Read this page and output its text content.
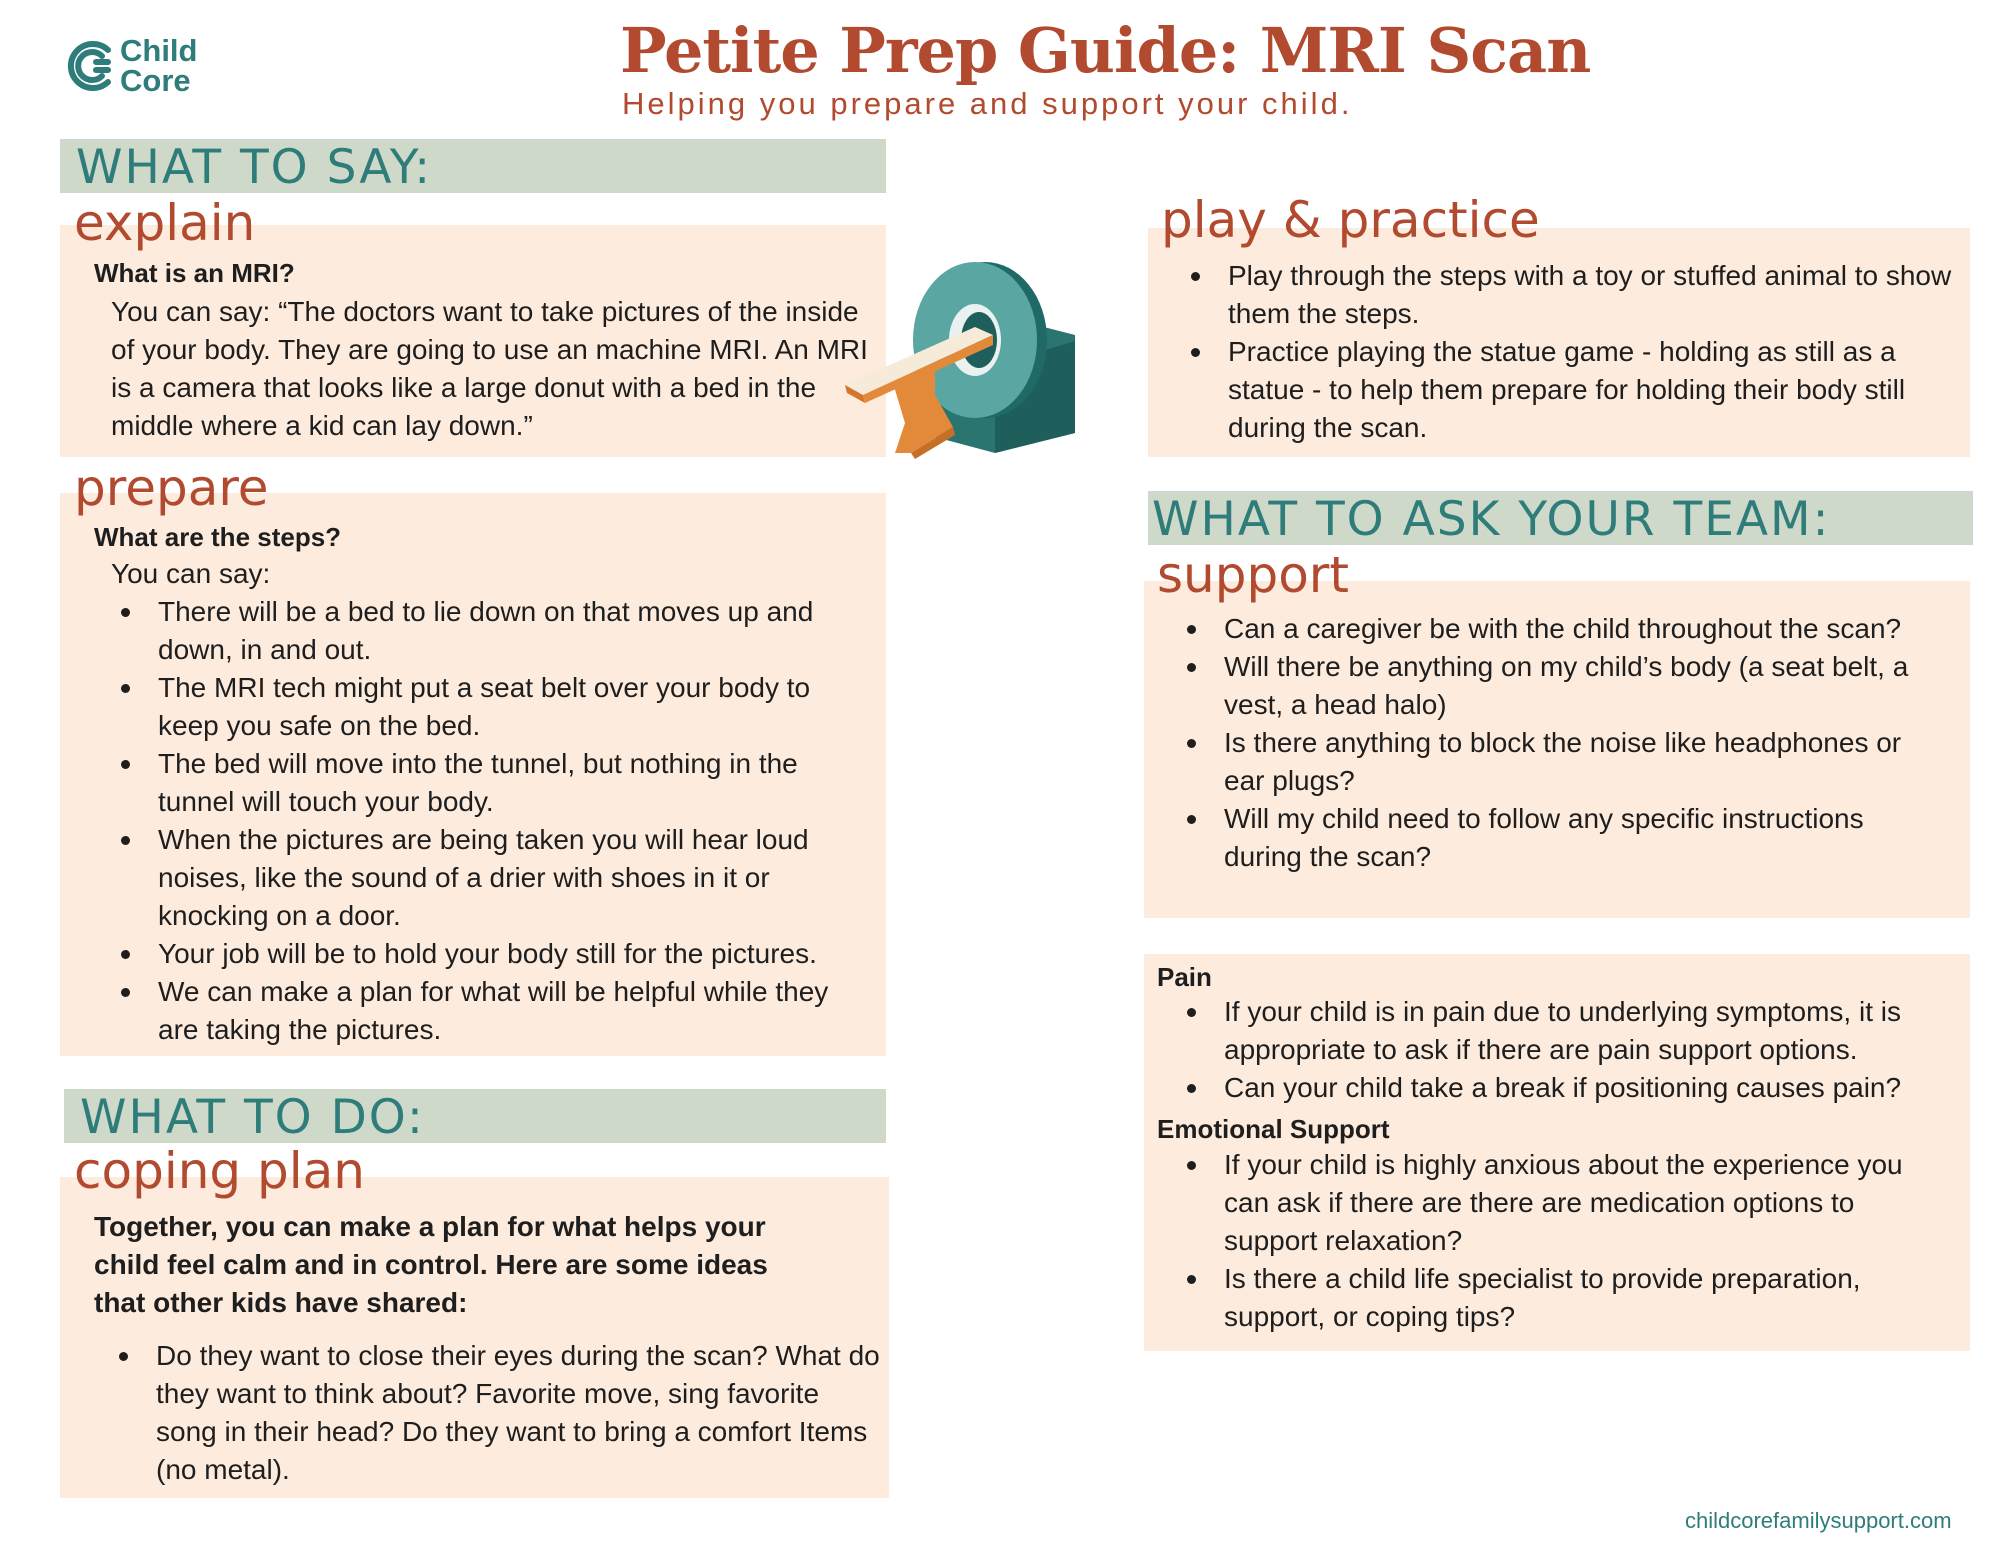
Child
Core	Petite Prep Guide: MRI Scan
Helping you prepare and support your child.
WHAT TO SAY:
explain
What is an MRI?
You can say: “The doctors want to take pictures of the inside of your body. They are going to use an machine MRI. An MRI is a camera that looks like a large donut with a bed in the middle where a kid can lay down.”
prepare
What are the steps?
You can say:
There will be a bed to lie down on that moves up and down, in and out.
The MRI tech might put a seat belt over your body to keep you safe on the bed.
The bed will move into the tunnel, but nothing in the tunnel will touch your body.
When the pictures are being taken you will hear loud noises, like the sound of a drier with shoes in it or knocking on a door.
Your job will be to hold your body still for the pictures.
We can make a plan for what will be helpful while they are taking the pictures.
WHAT TO DO:
coping plan
Together, you can make a plan for what helps your child feel calm and in control. Here are some ideas that other kids have shared:
Do they want to close their eyes during the scan? What do they want to think about? Favorite move, sing favorite song in their head? Do they want to bring a comfort Items (no metal).
play & practice
Play through the steps with a toy or stuffed animal to show them the steps.
Practice playing the statue game - holding as still as a statue - to help them prepare for holding their body still during the scan.
WHAT TO ASK YOUR TEAM:
support
Can a caregiver be with the child throughout the scan?
Will there be anything on my child’s body (a seat belt, a vest, a head halo)
Is there anything to block the noise like headphones or ear plugs?
Will my child need to follow any specific instructions during the scan?
Pain
If your child is in pain due to underlying symptoms, it is appropriate to ask if there are pain support options.
Can your child take a break if positioning causes pain?
Emotional Support
If your child is highly anxious about the experience you can ask if there are there are medication options to support relaxation?
Is there a child life specialist to provide preparation, support, or coping tips?
childcorefamilysupport.com
